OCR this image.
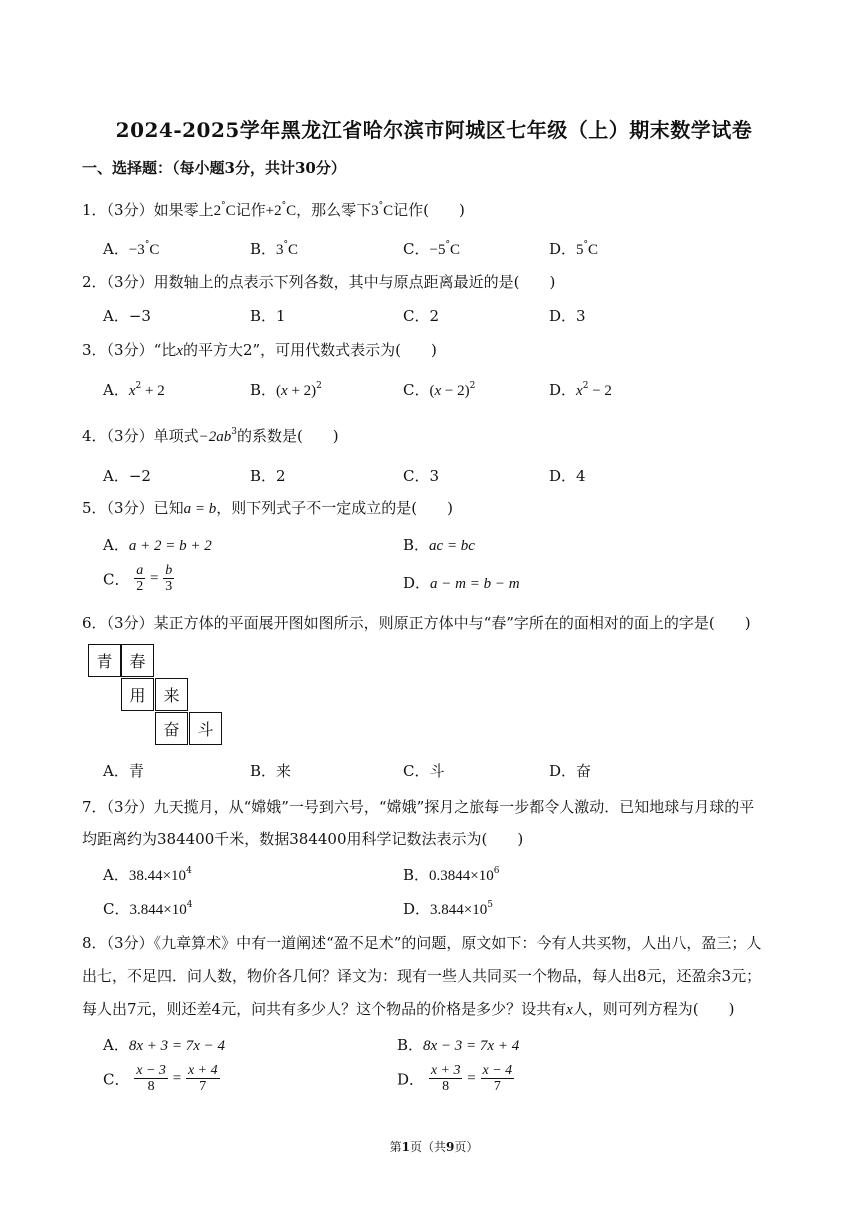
2024-2025学年黑龙江省哈尔滨市阿城区七年级（上）期末数学试卷
一、选择题：（每小题3分，共计30分）
1．（3分）如果零上2°C记作+2°C，那么零下3°C记作(　　)
A．−3°C	B．3°C	C．−5°C	D．5°C
2．（3分）用数轴上的点表示下列各数，其中与原点距离最近的是(　　)
A．−3	B．1	C．2	D．3
3．（3分）“比x的平方大2”，可用代数式表示为(　　)
A．$x^2 + 2$	B．$(x + 2)^2$	C．$(x - 2)^2$	D．$x^2 - 2$
4．（3分）单项式$-2ab^3$的系数是(　　)
A．−2	B．2	C．3	D．4
5．（3分）已知a = b，则下列式子不一定成立的是(　　)
A．a + 2 = b + 2	B．ac = bc
C． $\frac{a}{2} = \frac{b}{3}$	D．a − m = b − m
6．（3分）某正方体的平面展开图如图所示，则原正方体中与“春”字所在的面相对的面上的字是(　　)
青	春
用	来
奋	斗
A．青	B．来	C．斗	D．奋
7．（3分）九天揽月，从“嫦娥”一号到六号，“嫦娥”探月之旅每一步都令人激动．已知地球与月球的平
均距离约为384400千米，数据384400用科学记数法表示为(　　)
A．$38.44\times 10^4$	B．$0.3844\times 10^6$
C．$3.844\times 10^4$	D．$3.844\times 10^5$
8．（3分）《九章算术》中有一道阐述“盈不足术”的问题，原文如下：今有人共买物，人出八，盈三；人
出七，不足四．问人数，物价各几何？译文为：现有一些人共同买一个物品，每人出8元，还盈余3元；
每人出7元，则还差4元，问共有多少人？这个物品的价格是多少？设共有x人，则可列方程为(　　)
A．8x + 3 = 7x − 4	B．8x − 3 = 7x + 4
C． $\frac{x - 3}{8} = \frac{x + 4}{7}$	D． $\frac{x + 3}{8} = \frac{x - 4}{7}$
第1页（共9页）
